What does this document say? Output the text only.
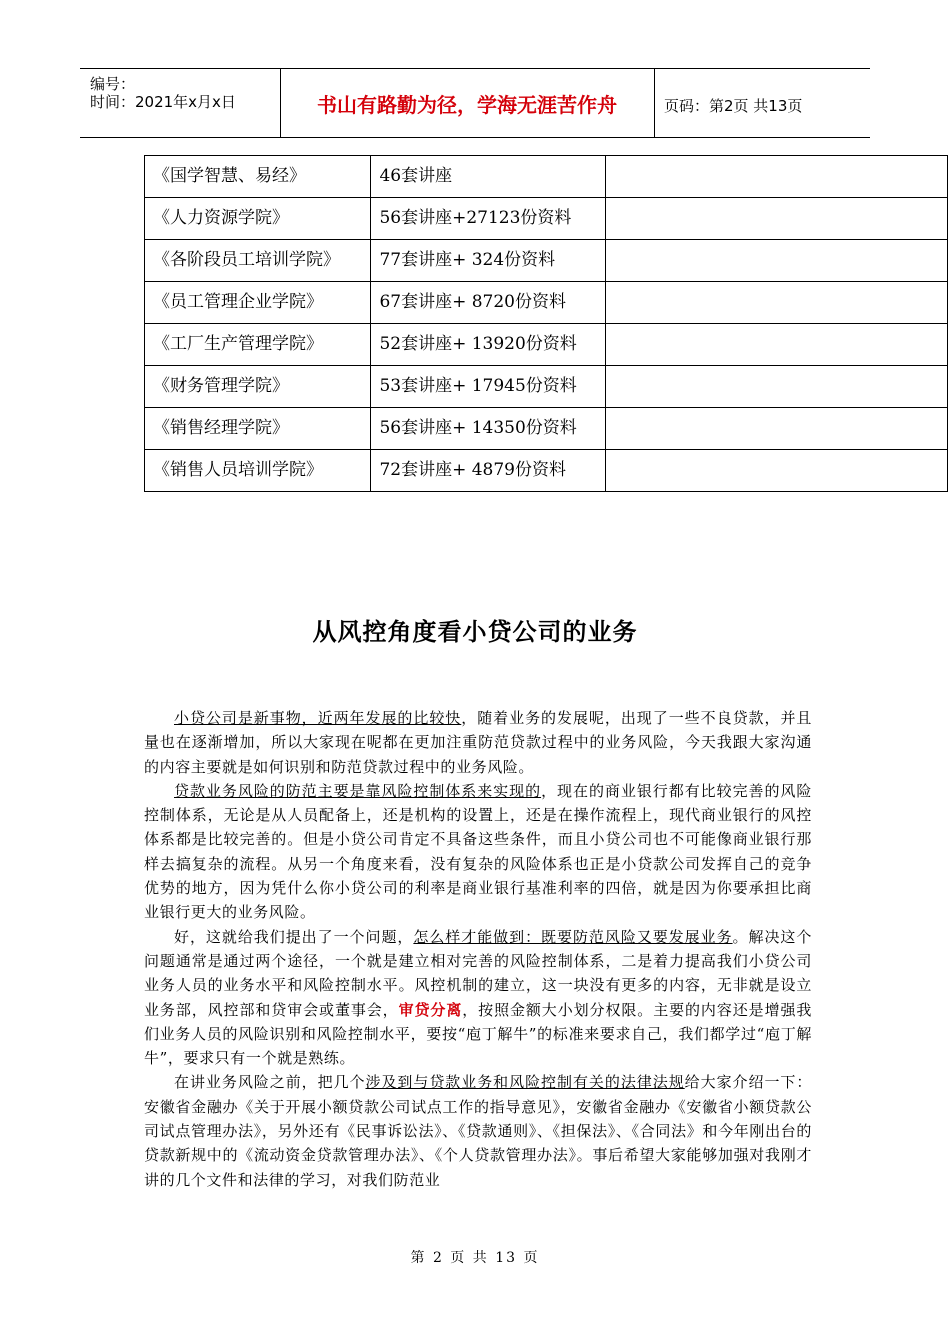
编号：
时间：2021年x月x日	书山有路勤为径，学海无涯苦作舟	页码：第2页 共13页
《国学智慧、易经》	46套讲座	
《人力资源学院》	56套讲座+27123份资料	
《各阶段员工培训学院》	77套讲座+ 324份资料	
《员工管理企业学院》	67套讲座+ 8720份资料	
《工厂生产管理学院》	52套讲座+ 13920份资料	
《财务管理学院》	53套讲座+ 17945份资料	
《销售经理学院》	56套讲座+ 14350份资料	
《销售人员培训学院》	72套讲座+ 4879份资料	
从风控角度看小贷公司的业务

小贷公司是新事物，近两年发展的比较快，随着业务的发展呢，出现了一些不良贷款，并且量也在逐渐增加，所以大家现在呢都在更加注重防范贷款过程中的业务风险，今天我跟大家沟通的内容主要就是如何识别和防范贷款过程中的业务风险。

贷款业务风险的防范主要是靠风险控制体系来实现的，现在的商业银行都有比较完善的风险控制体系，无论是从人员配备上，还是机构的设置上，还是在操作流程上，现代商业银行的风控体系都是比较完善的。但是小贷公司肯定不具备这些条件，而且小贷公司也不可能像商业银行那样去搞复杂的流程。从另一个角度来看，没有复杂的风险体系也正是小贷款公司发挥自己的竞争优势的地方，因为凭什么你小贷公司的利率是商业银行基准利率的四倍，就是因为你要承担比商业银行更大的业务风险。

好，这就给我们提出了一个问题，怎么样才能做到：既要防范风险又要发展业务。解决这个问题通常是通过两个途径，一个就是建立相对完善的风险控制体系，二是着力提高我们小贷公司业务人员的业务水平和风险控制水平。风控机制的建立，这一块没有更多的内容，无非就是设立业务部，风控部和贷审会或董事会，审贷分离，按照金额大小划分权限。主要的内容还是增强我们业务人员的风险识别和风险控制水平，要按“庖丁解牛”的标准来要求自己，我们都学过“庖丁解牛”，要求只有一个就是熟练。

在讲业务风险之前，把几个涉及到与贷款业务和风险控制有关的法律法规给大家介绍一下：安徽省金融办《关于开展小额贷款公司试点工作的指导意见》，安徽省金融办《安徽省小额贷款公司试点管理办法》，另外还有《民事诉讼法》、《贷款通则》、《担保法》、《合同法》和今年刚出台的贷款新规中的《流动资金贷款管理办法》、《个人贷款管理办法》。事后希望大家能够加强对我刚才讲的几个文件和法律的学习，对我们防范业

第 2 页 共 13 页
